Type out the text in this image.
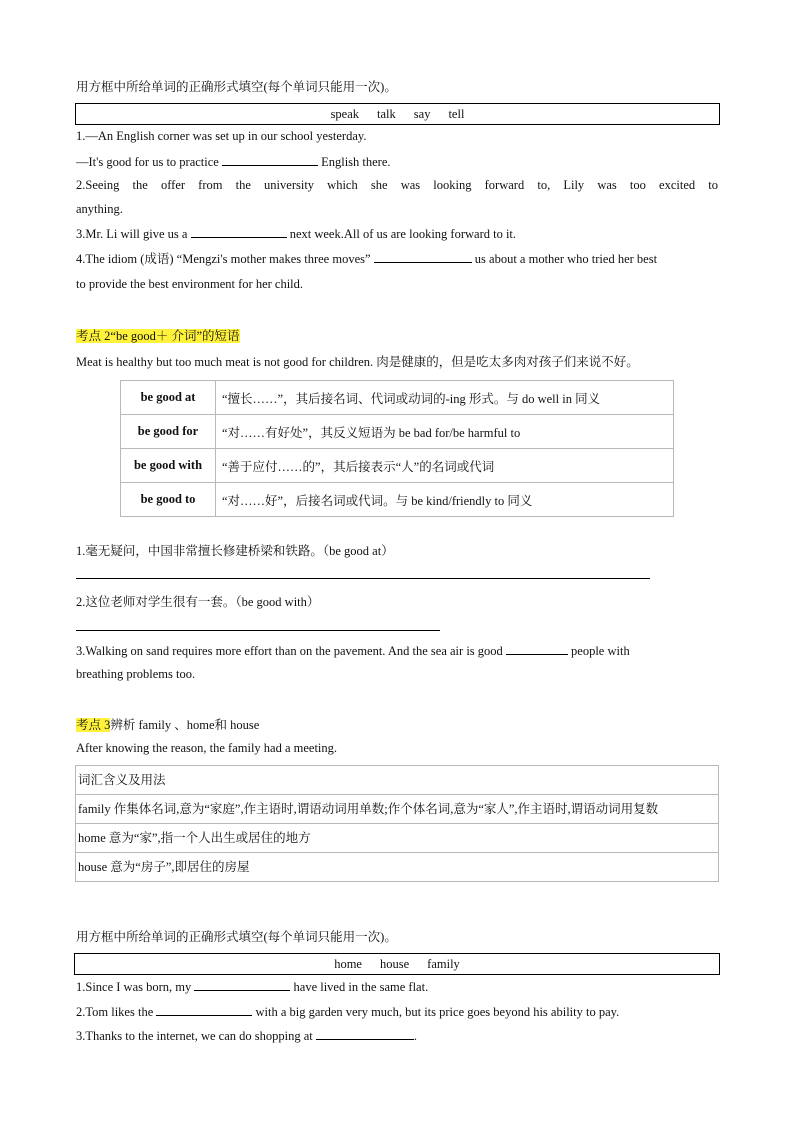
用方框中所给单词的正确形式填空(每个单词只能用一次)。
speak talk say tell
1.—An English corner was set up in our school yesterday.
—It's good for us to practice	English there.
2.Seeing the offer from the university which she was looking forward to, Lily was too excited to
anything.
3.Mr. Li will give us a	next week.All of us are looking forward to it.
4.The idiom (成语) “Mengzi's mother makes three moves”	us about a mother who tried her best
to provide the best environment for her child.
考点 2“be good＋ 介词”的短语
Meat is healthy but too much meat is not good for children. 肉是健康的，但是吃太多肉对孩子们来说不好。
be good at	“擅长……”，其后接名词、代词或动词的-ing 形式。与 do well in 同义
be good for	“对……有好处”，其反义短语为 be bad for/be harmful to
be good with	“善于应付……的”，其后接表示“人”的名词或代词
be good to	“对……好”，后接名词或代词。与 be kind/friendly to 同义
1.毫无疑问，中国非常擅长修建桥梁和铁路。（be good at）
2.这位老师对学生很有一套。（be good with）
3.Walking on sand requires more effort than on the pavement. And the sea air is good	people with
breathing problems too.
考点 3辨析 family 、home和 house
After knowing the reason, the family had a meeting.
词汇含义及用法
family 作集体名词,意为“家庭”,作主语时,谓语动词用单数;作个体名词,意为“家人”,作主语时,谓语动词用复数
home 意为“家”,指一个人出生或居住的地方
house 意为“房子”,即居住的房屋
用方框中所给单词的正确形式填空(每个单词只能用一次)。
home house family
1.Since I was born, my	have lived in the same flat.
2.Tom likes the	with a big garden very much, but its price goes beyond his ability to pay.
3.Thanks to the internet, we can do shopping at	.
